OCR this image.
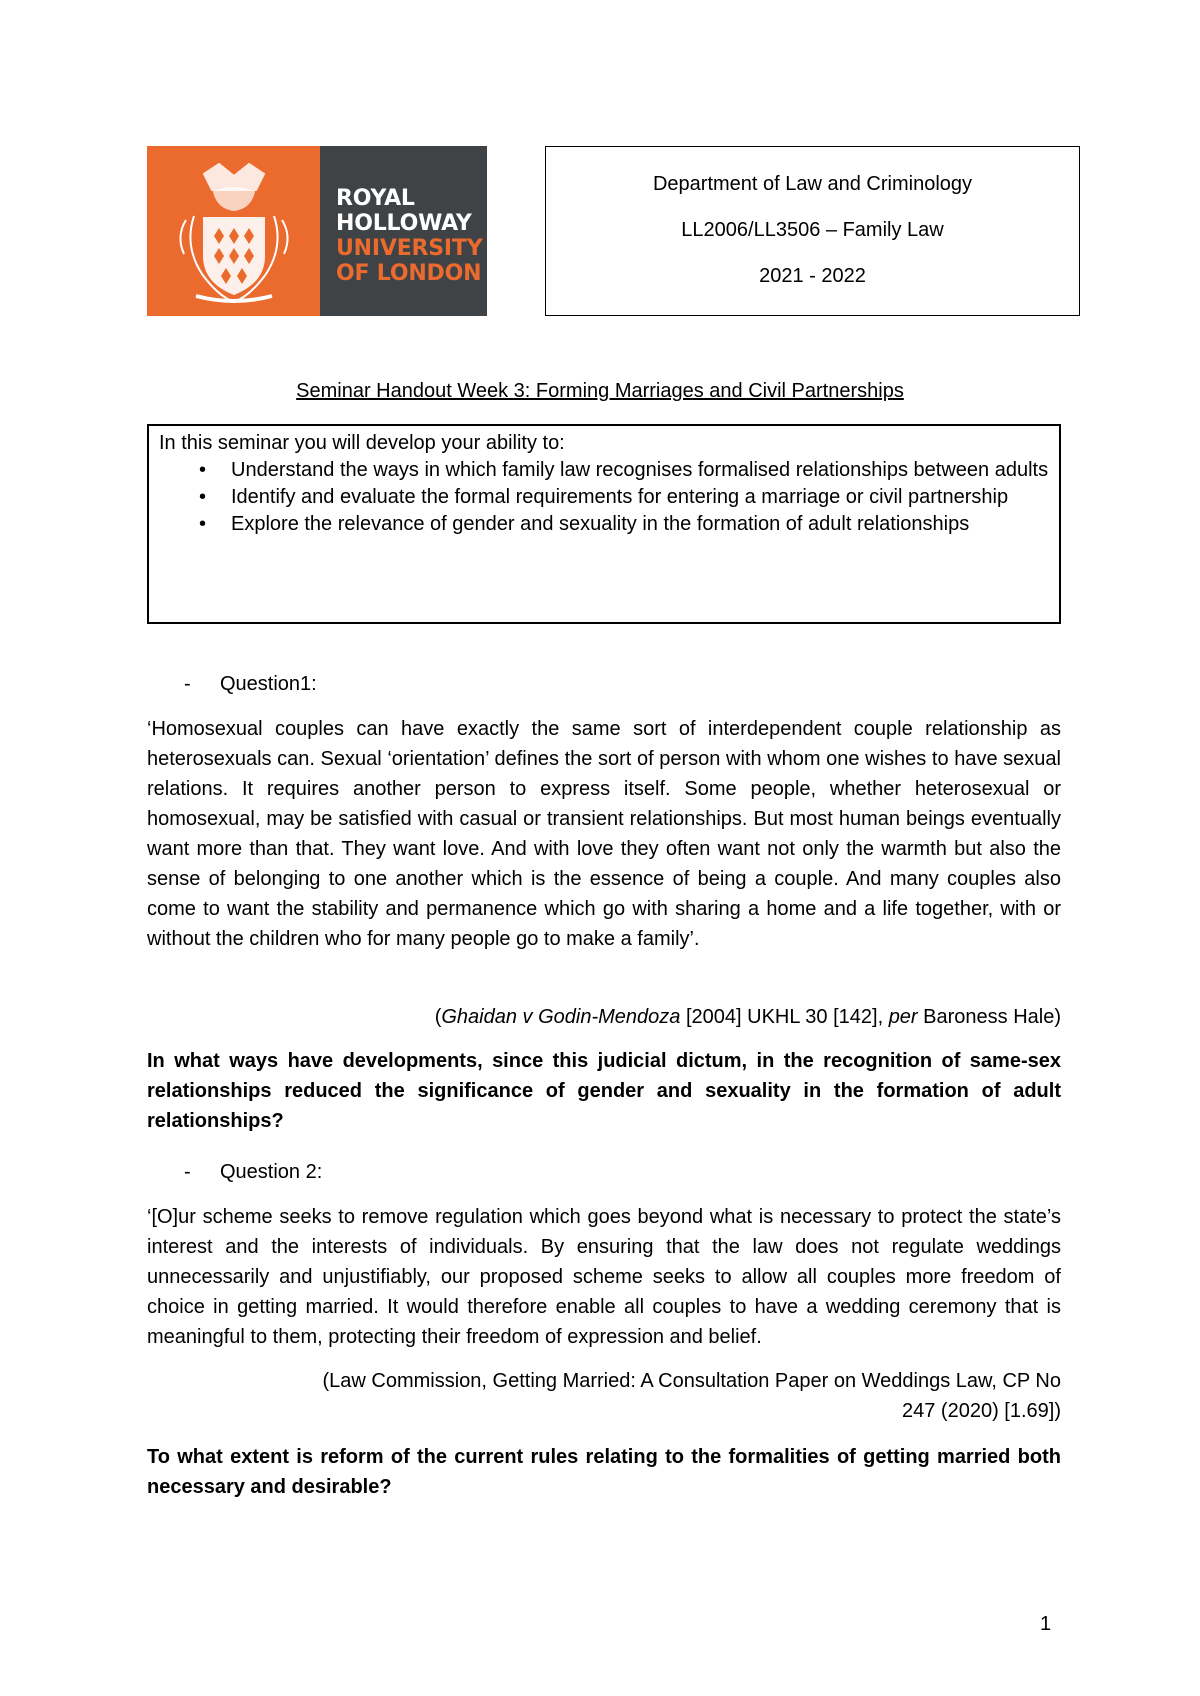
ROYAL
HOLLOWAY
UNIVERSITY
OF LONDON
Department of Law and Criminology
LL2006/LL3506 – Family Law
2021 - 2022
Seminar Handout Week 3: Forming Marriages and Civil Partnerships
In this seminar you will develop your ability to:
• Understand the ways in which family law recognises formalised relationships between adults
• Identify and evaluate the formal requirements for entering a marriage or civil partnership
• Explore the relevance of gender and sexuality in the formation of adult relationships
- Question1:
‘Homosexual couples can have exactly the same sort of interdependent couple relationship as heterosexuals can. Sexual ‘orientation’ defines the sort of person with whom one wishes to have sexual relations. It requires another person to express itself. Some people, whether heterosexual or homosexual, may be satisfied with casual or transient relationships. But most human beings eventually want more than that. They want love. And with love they often want not only the warmth but also the sense of belonging to one another which is the essence of being a couple. And many couples also come to want the stability and permanence which go with sharing a home and a life together, with or without the children who for many people go to make a family’.
(Ghaidan v Godin-Mendoza [2004] UKHL 30 [142], per Baroness Hale)
In what ways have developments, since this judicial dictum, in the recognition of same-sex relationships reduced the significance of gender and sexuality in the formation of adult relationships?
- Question 2:
‘[O]ur scheme seeks to remove regulation which goes beyond what is necessary to protect the state’s interest and the interests of individuals. By ensuring that the law does not regulate weddings unnecessarily and unjustifiably, our proposed scheme seeks to allow all couples more freedom of choice in getting married. It would therefore enable all couples to have a wedding ceremony that is meaningful to them, protecting their freedom of expression and belief.
(Law Commission, Getting Married: A Consultation Paper on Weddings Law, CP No
247 (2020) [1.69])
To what extent is reform of the current rules relating to the formalities of getting married both necessary and desirable?
1
